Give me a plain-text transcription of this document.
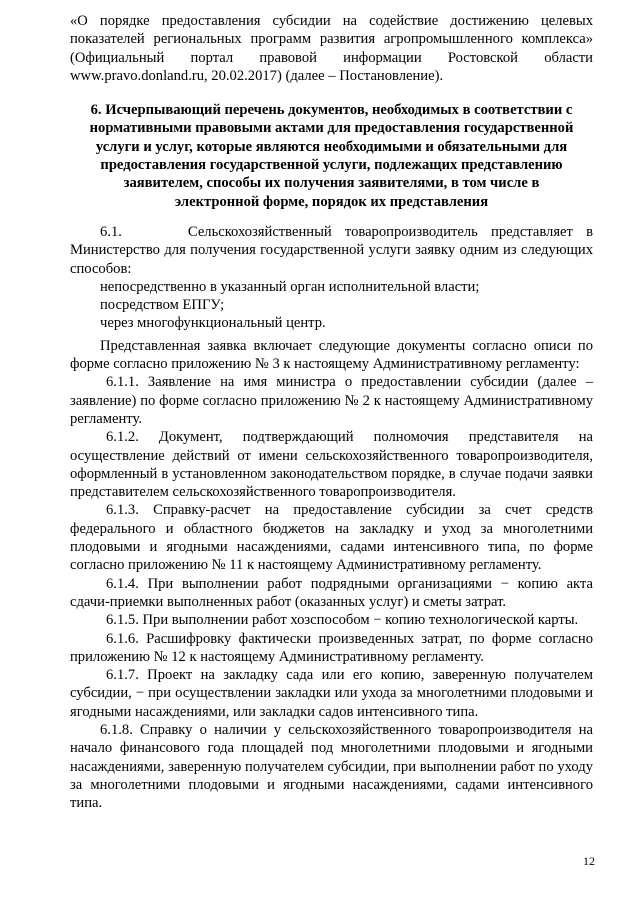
«О порядке предоставления субсидии на содействие достижению целевых показателей региональных программ развития агропромышленного комплекса» (Официальный портал правовой информации Ростовской области www.pravo.donland.ru, 20.02.2017) (далее – Постановление).

6. Исчерпывающий перечень документов, необходимых в соответствии с нормативными правовыми актами для предоставления государственной услуги и услуг, которые являются необходимыми и обязательными для предоставления государственной услуги, подлежащих представлению заявителем, способы их получения заявителями, в том числе в электронной форме, порядок их представления

6.1.     Сельскохозяйственный товаропроизводитель представляет в Министерство для получения государственной услуги заявку одним из следующих способов:

непосредственно в указанный орган исполнительной власти;

посредством ЕПГУ;

через многофункциональный центр.

Представленная заявка включает следующие документы согласно описи по форме согласно приложению № 3 к настоящему Административному регламенту:

6.1.1. Заявление на имя министра о предоставлении субсидии (далее – заявление) по форме согласно приложению № 2 к настоящему Административному регламенту.

6.1.2. Документ, подтверждающий полномочия представителя на осуществление действий от имени сельскохозяйственного товаропроизводителя, оформленный в установленном законодательством порядке, в случае подачи заявки представителем сельскохозяйственного товаропроизводителя.

6.1.3. Справку-расчет на предоставление субсидии за счет средств федерального и областного бюджетов на закладку и уход за многолетними плодовыми и ягодными насаждениями, садами интенсивного типа, по форме согласно приложению № 11 к настоящему Административному регламенту.

6.1.4. При выполнении работ подрядными организациями − копию акта сдачи-приемки выполненных работ (оказанных услуг) и сметы затрат.

6.1.5. При выполнении работ хозспособом − копию технологической карты.

6.1.6. Расшифровку фактически произведенных затрат, по форме согласно приложению № 12 к настоящему Административному регламенту.

6.1.7. Проект на закладку сада или его копию, заверенную получателем субсидии, − при осуществлении закладки или ухода за многолетними плодовыми и ягодными насаждениями, или закладки садов интенсивного типа.

6.1.8. Справку о наличии у сельскохозяйственного товаропроизводителя на начало финансового года площадей под многолетними плодовыми и ягодными насаждениями, заверенную получателем субсидии, при выполнении работ по уходу за многолетними плодовыми и ягодными насаждениями, садами интенсивного типа.

12
